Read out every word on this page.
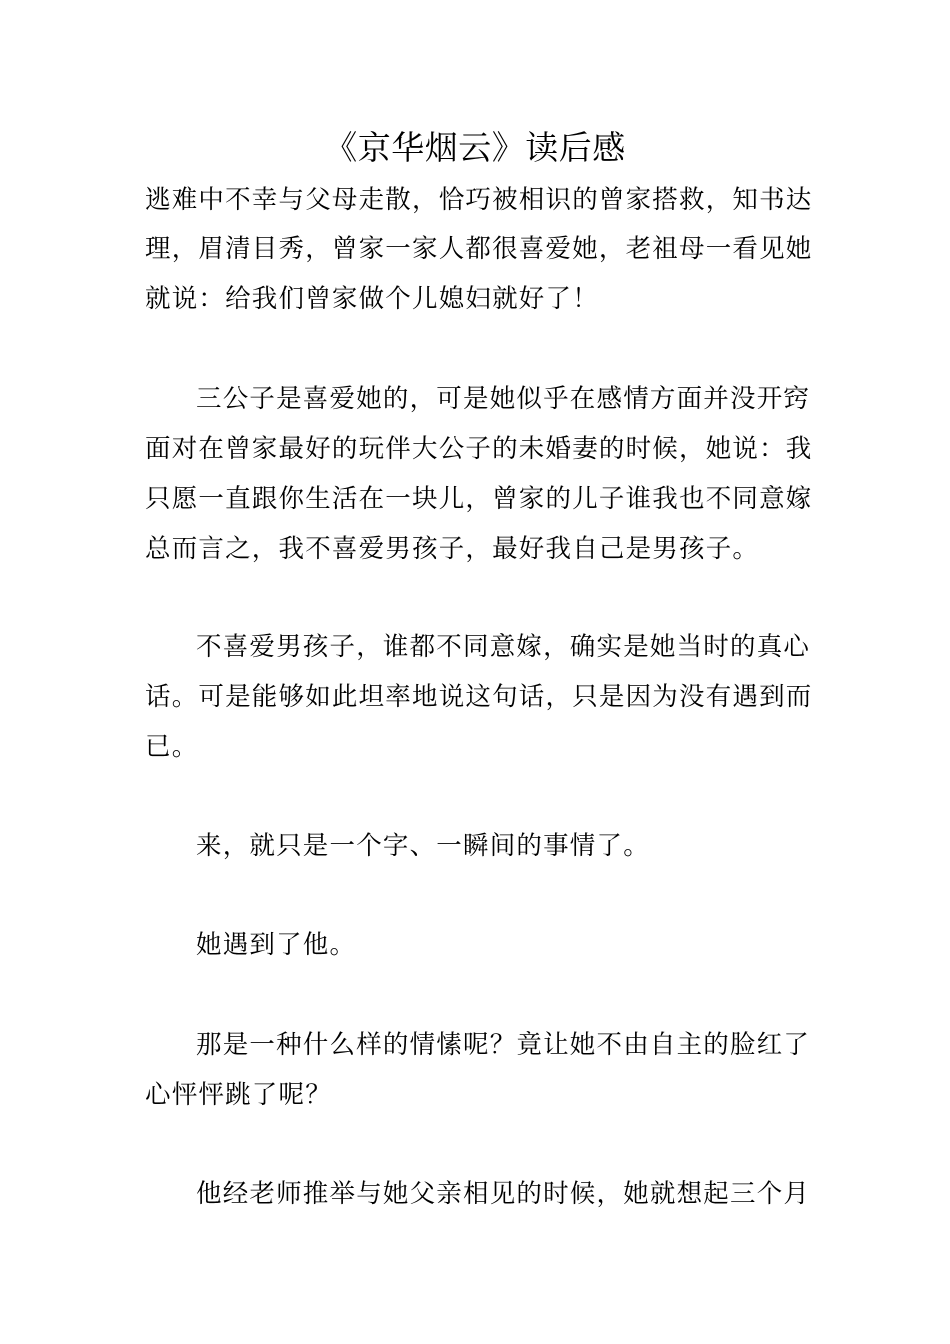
《京华烟云》读后感

逃难中不幸与父母走散，恰巧被相识的曾家搭救，知书达

理，眉清目秀，曾家一家人都很喜爱她，老祖母一看见她

就说：给我们曾家做个儿媳妇就好了！

三公子是喜爱她的，可是她似乎在感情方面并没开窍

面对在曾家最好的玩伴大公子的未婚妻的时候，她说：我

只愿一直跟你生活在一块儿，曾家的儿子谁我也不同意嫁

总而言之，我不喜爱男孩子，最好我自己是男孩子。

不喜爱男孩子，谁都不同意嫁，确实是她当时的真心

话。可是能够如此坦率地说这句话，只是因为没有遇到而

已。

来，就只是一个字、一瞬间的事情了。

她遇到了他。

那是一种什么样的情愫呢？竟让她不由自主的脸红了

心怦怦跳了呢？

他经老师推举与她父亲相见的时候，她就想起三个月
